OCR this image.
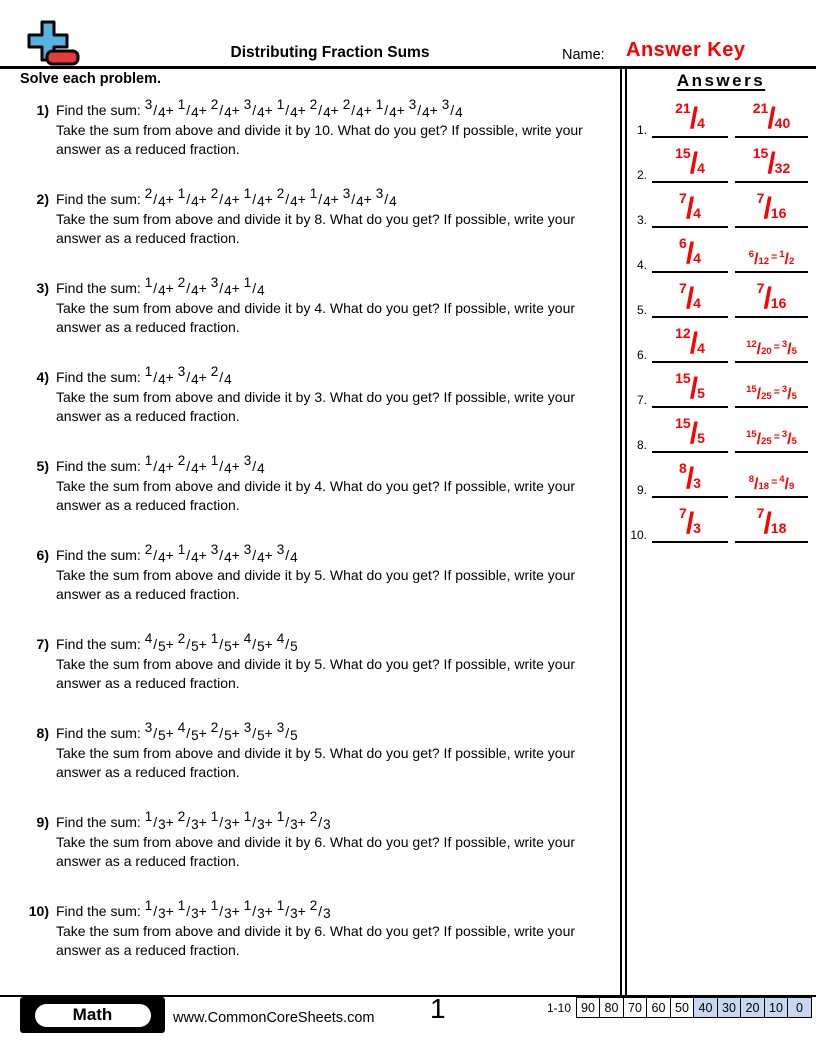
Distributing Fraction Sums	Name: Answer Key
Solve each problem.
1) Find the sum: 3/4+ 1/4+ 2/4+ 3/4+ 1/4+ 2/4+ 2/4+ 1/4+ 3/4+ 3/4
Take the sum from above and divide it by 10. What do you get? If possible, write your answer as a reduced fraction.
2) Find the sum: 2/4+ 1/4+ 2/4+ 1/4+ 2/4+ 1/4+ 3/4+ 3/4
Take the sum from above and divide it by 8. What do you get? If possible, write your answer as a reduced fraction.
3) Find the sum: 1/4+ 2/4+ 3/4+ 1/4
Take the sum from above and divide it by 4. What do you get? If possible, write your answer as a reduced fraction.
4) Find the sum: 1/4+ 3/4+ 2/4
Take the sum from above and divide it by 3. What do you get? If possible, write your answer as a reduced fraction.
5) Find the sum: 1/4+ 2/4+ 1/4+ 3/4
Take the sum from above and divide it by 4. What do you get? If possible, write your answer as a reduced fraction.
6) Find the sum: 2/4+ 1/4+ 3/4+ 3/4+ 3/4
Take the sum from above and divide it by 5. What do you get? If possible, write your answer as a reduced fraction.
7) Find the sum: 4/5+ 2/5+ 1/5+ 4/5+ 4/5
Take the sum from above and divide it by 5. What do you get? If possible, write your answer as a reduced fraction.
8) Find the sum: 3/5+ 4/5+ 2/5+ 3/5+ 3/5
Take the sum from above and divide it by 5. What do you get? If possible, write your answer as a reduced fraction.
9) Find the sum: 1/3+ 2/3+ 1/3+ 1/3+ 1/3+ 2/3
Take the sum from above and divide it by 6. What do you get? If possible, write your answer as a reduced fraction.
10) Find the sum: 1/3+ 1/3+ 1/3+ 1/3+ 1/3+ 2/3
Take the sum from above and divide it by 6. What do you get? If possible, write your answer as a reduced fraction.
Answers
1.
21/4
21/40
2.
15/4
15/32
3.
7/4
7/16
4.
6/4	6/12 = 1/2
5.
7/4
7/16
6.
12/4	12/20 = 3/5
7.
15/5	15/25 = 3/5
8.
15/5	15/25 = 3/5
9.
8/3	8/18 = 4/9
10.
7/3
7/18
Math	www.CommonCoreSheets.com 1	1-10 90 80 70 60 50 40 30 20 10	0
